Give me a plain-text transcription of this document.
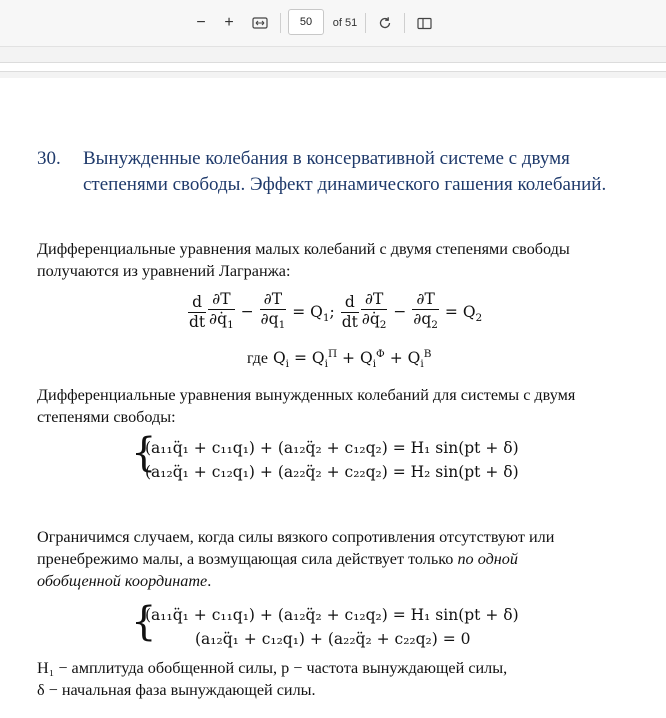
− +
50	of 51
30. Вынужденные колебания в консервативной системе с двумя
степенями свободы. Эффект динамического гашения колебаний.
Дифференциальные уравнения малых колебаний с двумя степенями свободы
получаются из уравнений Лагранжа:
$\frac{d}{dt} \frac{\partial T}{\partial q̇_1} - \frac{\partial T}{\partial q_1} = Q_1$; $\frac{d}{dt} \frac{\partial T}{\partial q̇_2} - \frac{\partial T}{\partial q_2} = Q_2$
где $Q_i = Q_i^П + Q_i^Ф + Q_i^В$
Дифференциальные уравнения вынужденных колебаний для системы с двумя
степенями свободы:
{
(a₁₁q̈₁ + c₁₁q₁) + (a₁₂q̈₂ + c₁₂q₂) = H₁ sin(pt + δ)
(a₁₂q̈₁ + c₁₂q₁) + (a₂₂q̈₂ + c₂₂q₂) = H₂ sin(pt + δ)
Ограничимся случаем, когда силы вязкого сопротивления отсутствуют или
пренебрежимо малы, а возмущающая сила действует только по одной
обобщенной координате.
{
(a₁₁q̈₁ + c₁₁q₁) + (a₁₂q̈₂ + c₁₂q₂) = H₁ sin(pt + δ)
(a₁₂q̈₁ + c₁₂q₁) + (a₂₂q̈₂ + c₂₂q₂) = 0
H₁ − амплитуда обобщенной силы, p − частота вынуждающей силы,
δ − начальная фаза вынуждающей силы.
